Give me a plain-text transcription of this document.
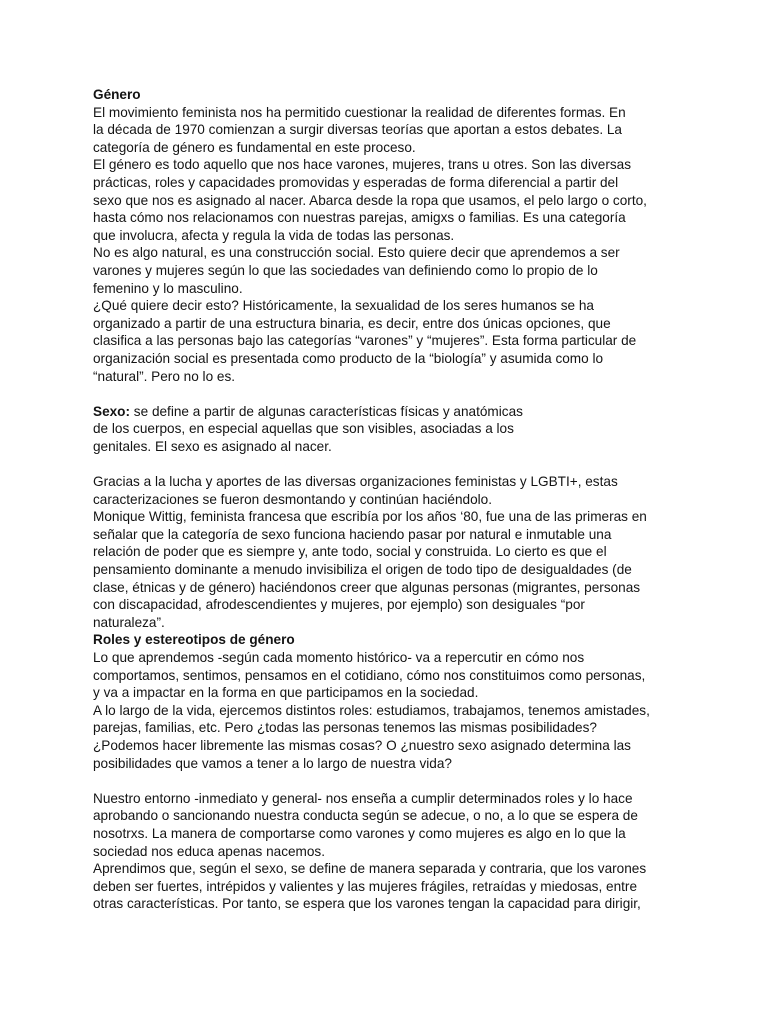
Género
El movimiento feminista nos ha permitido cuestionar la realidad de diferentes formas. En
la década de 1970 comienzan a surgir diversas teorías que aportan a estos debates. La
categoría de género es fundamental en este proceso.
El género es todo aquello que nos hace varones, mujeres, trans u otres. Son las diversas
prácticas, roles y capacidades promovidas y esperadas de forma diferencial a partir del
sexo que nos es asignado al nacer. Abarca desde la ropa que usamos, el pelo largo o corto,
hasta cómo nos relacionamos con nuestras parejas, amigxs o familias. Es una categoría
que involucra, afecta y regula la vida de todas las personas.
No es algo natural, es una construcción social. Esto quiere decir que aprendemos a ser
varones y mujeres según lo que las sociedades van definiendo como lo propio de lo
femenino y lo masculino.
¿Qué quiere decir esto? Históricamente, la sexualidad de los seres humanos se ha
organizado a partir de una estructura binaria, es decir, entre dos únicas opciones, que
clasifica a las personas bajo las categorías “varones” y “mujeres”. Esta forma particular de
organización social es presentada como producto de la “biología” y asumida como lo
“natural”. Pero no lo es.
Sexo: se define a partir de algunas características físicas y anatómicas
de los cuerpos, en especial aquellas que son visibles, asociadas a los
genitales. El sexo es asignado al nacer.
Gracias a la lucha y aportes de las diversas organizaciones feministas y LGBTI+, estas
caracterizaciones se fueron desmontando y continúan haciéndolo.
Monique Wittig, feminista francesa que escribía por los años ‘80, fue una de las primeras en
señalar que la categoría de sexo funciona haciendo pasar por natural e inmutable una
relación de poder que es siempre y, ante todo, social y construida. Lo cierto es que el
pensamiento dominante a menudo invisibiliza el origen de todo tipo de desigualdades (de
clase, étnicas y de género) haciéndonos creer que algunas personas (migrantes, personas
con discapacidad, afrodescendientes y mujeres, por ejemplo) son desiguales “por
naturaleza”.
Roles y estereotipos de género
Lo que aprendemos -según cada momento histórico- va a repercutir en cómo nos
comportamos, sentimos, pensamos en el cotidiano, cómo nos constituimos como personas,
y va a impactar en la forma en que participamos en la sociedad.
A lo largo de la vida, ejercemos distintos roles: estudiamos, trabajamos, tenemos amistades,
parejas, familias, etc. Pero ¿todas las personas tenemos las mismas posibilidades?
¿Podemos hacer libremente las mismas cosas? O ¿nuestro sexo asignado determina las
posibilidades que vamos a tener a lo largo de nuestra vida?
Nuestro entorno -inmediato y general- nos enseña a cumplir determinados roles y lo hace
aprobando o sancionando nuestra conducta según se adecue, o no, a lo que se espera de
nosotrxs. La manera de comportarse como varones y como mujeres es algo en lo que la
sociedad nos educa apenas nacemos.
Aprendimos que, según el sexo, se define de manera separada y contraria, que los varones
deben ser fuertes, intrépidos y valientes y las mujeres frágiles, retraídas y miedosas, entre
otras características. Por tanto, se espera que los varones tengan la capacidad para dirigir,
